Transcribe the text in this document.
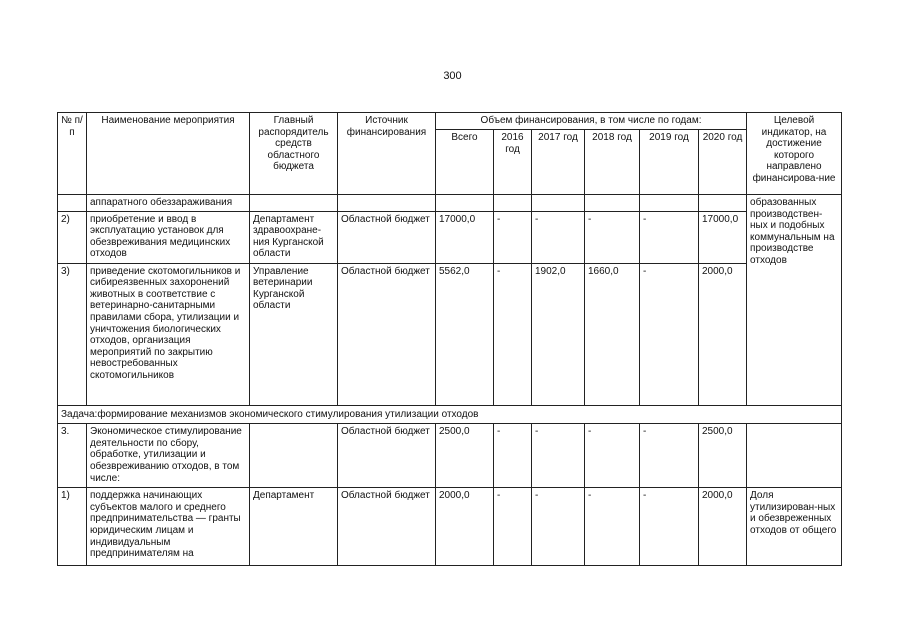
300
№ п/п	Наименование мероприятия	Главный распорядитель средств областного бюджета	Источник финансирования	Объем финансирования, в том числе по годам:						Целевой индикатор, на достижение которого направлено финансирова-ние
				Всего	2016 год	2017 год	2018 год	2019 год	2020 год	
	аппаратного обеззараживания									образованных производствен-ных и подобных коммунальным на производстве отходов
2)	приобретение и ввод в эксплуатацию установок для обезвреживания медицинских отходов	Департамент здравоохране-ния Курганской области	Областной бюджет	17000,0	-	-	-	-	17000,0	
3)	приведение скотомогильников и сибиреязвенных захоронений животных в соответствие с ветеринарно-санитарными правилами сбора, утилизации и уничтожения биологических отходов, организация мероприятий по закрытию невостребованных скотомогильников	Управление ветеринарии Курганской области	Областной бюджет	5562,0	-	1902,0	1660,0	-	2000,0	
Задача:формирование механизмов экономического стимулирования утилизации отходов										
3.	Экономическое стимулирование деятельности по сбору, обработке, утилизации и обезвреживанию отходов, в том числе:		Областной бюджет	2500,0	-	-	-	-	2500,0	
1)	поддержка начинающих субъектов малого и среднего предпринимательства — гранты юридическим лицам и индивидуальным предпринимателям на	Департамент	Областной бюджет	2000,0	-	-	-	-	2000,0	Доля утилизирован-ных и обезвреженных отходов от общего
